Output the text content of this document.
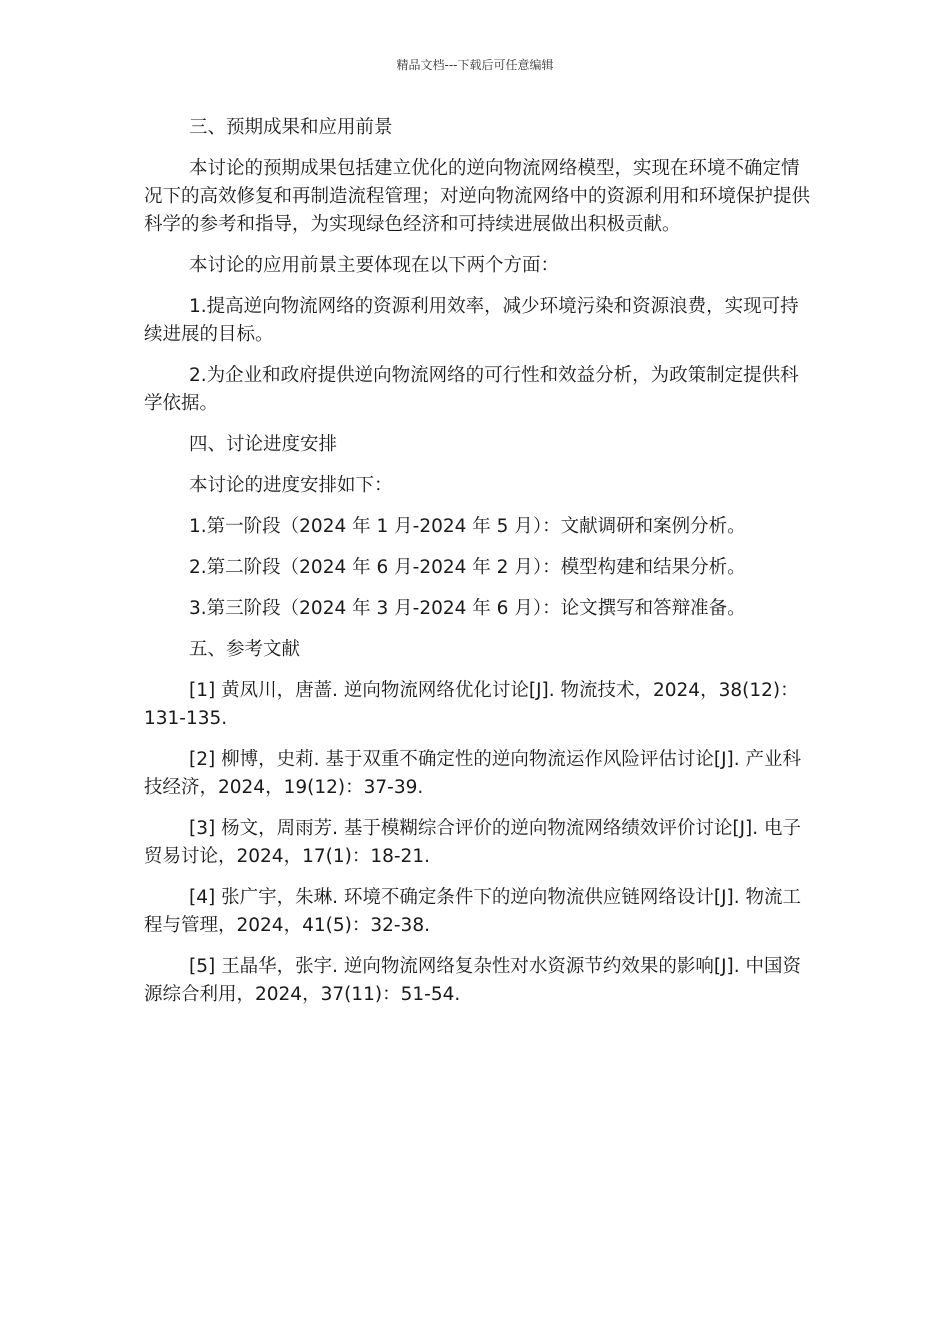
精品文档---下载后可任意编辑

三、预期成果和应用前景

本讨论的预期成果包括建立优化的逆向物流网络模型，实现在环境不确定情况下的高效修复和再制造流程管理；对逆向物流网络中的资源利用和环境保护提供科学的参考和指导，为实现绿色经济和可持续进展做出积极贡献。

本讨论的应用前景主要体现在以下两个方面：

1.提高逆向物流网络的资源利用效率，减少环境污染和资源浪费，实现可持续进展的目标。

2.为企业和政府提供逆向物流网络的可行性和效益分析，为政策制定提供科学依据。

四、讨论进度安排

本讨论的进度安排如下：

1.第一阶段（2024 年 1 月-2024 年 5 月）：文献调研和案例分析。

2.第二阶段（2024 年 6 月-2024 年 2 月）：模型构建和结果分析。

3.第三阶段（2024 年 3 月-2024 年 6 月）：论文撰写和答辩准备。

五、参考文献

[1] 黄凤川，唐蔷. 逆向物流网络优化讨论[J]. 物流技术，2024，38(12)：131-135.

[2] 柳博，史莉. 基于双重不确定性的逆向物流运作风险评估讨论[J]. 产业科技经济，2024，19(12)：37-39.

[3] 杨文，周雨芳. 基于模糊综合评价的逆向物流网络绩效评价讨论[J]. 电子贸易讨论，2024，17(1)：18-21.

[4] 张广宇，朱琳. 环境不确定条件下的逆向物流供应链网络设计[J]. 物流工程与管理，2024，41(5)：32-38.

[5] 王晶华，张宇. 逆向物流网络复杂性对水资源节约效果的影响[J]. 中国资源综合利用，2024，37(11)：51-54.
